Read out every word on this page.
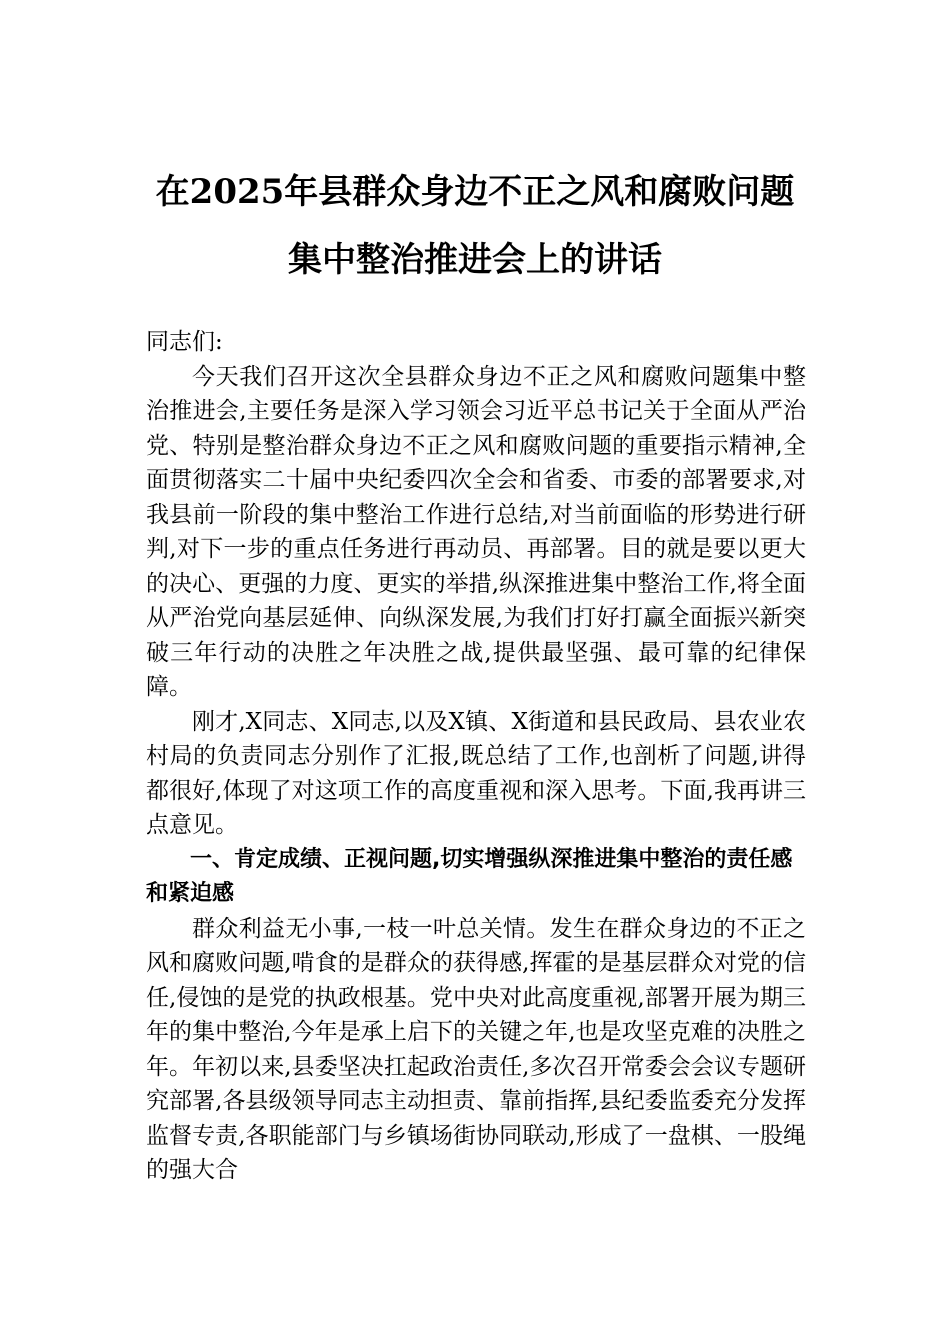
在2025年县群众身边不正之风和腐败问题
集中整治推进会上的讲话

同志们:

今天我们召开这次全县群众身边不正之风和腐败问题集中整治推进会,主要任务是深入学习领会习近平总书记关于全面从严治党、特别是整治群众身边不正之风和腐败问题的重要指示精神,全面贯彻落实二十届中央纪委四次全会和省委、市委的部署要求,对我县前一阶段的集中整治工作进行总结,对当前面临的形势进行研判,对下一步的重点任务进行再动员、再部署。目的就是要以更大的决心、更强的力度、更实的举措,纵深推进集中整治工作,将全面从严治党向基层延伸、向纵深发展,为我们打好打赢全面振兴新突破三年行动的决胜之年决胜之战,提供最坚强、最可靠的纪律保障。

刚才,X同志、X同志,以及X镇、X街道和县民政局、县农业农村局的负责同志分别作了汇报,既总结了工作,也剖析了问题,讲得都很好,体现了对这项工作的高度重视和深入思考。下面,我再讲三点意见。

一、肯定成绩、正视问题,切实增强纵深推进集中整治的责任感和紧迫感

群众利益无小事,一枝一叶总关情。发生在群众身边的不正之风和腐败问题,啃食的是群众的获得感,挥霍的是基层群众对党的信任,侵蚀的是党的执政根基。党中央对此高度重视,部署开展为期三年的集中整治,今年是承上启下的关键之年,也是攻坚克难的决胜之年。年初以来,县委坚决扛起政治责任,多次召开常委会会议专题研究部署,各县级领导同志主动担责、靠前指挥,县纪委监委充分发挥监督专责,各职能部门与乡镇场街协同联动,形成了一盘棋、一股绳的强大合
